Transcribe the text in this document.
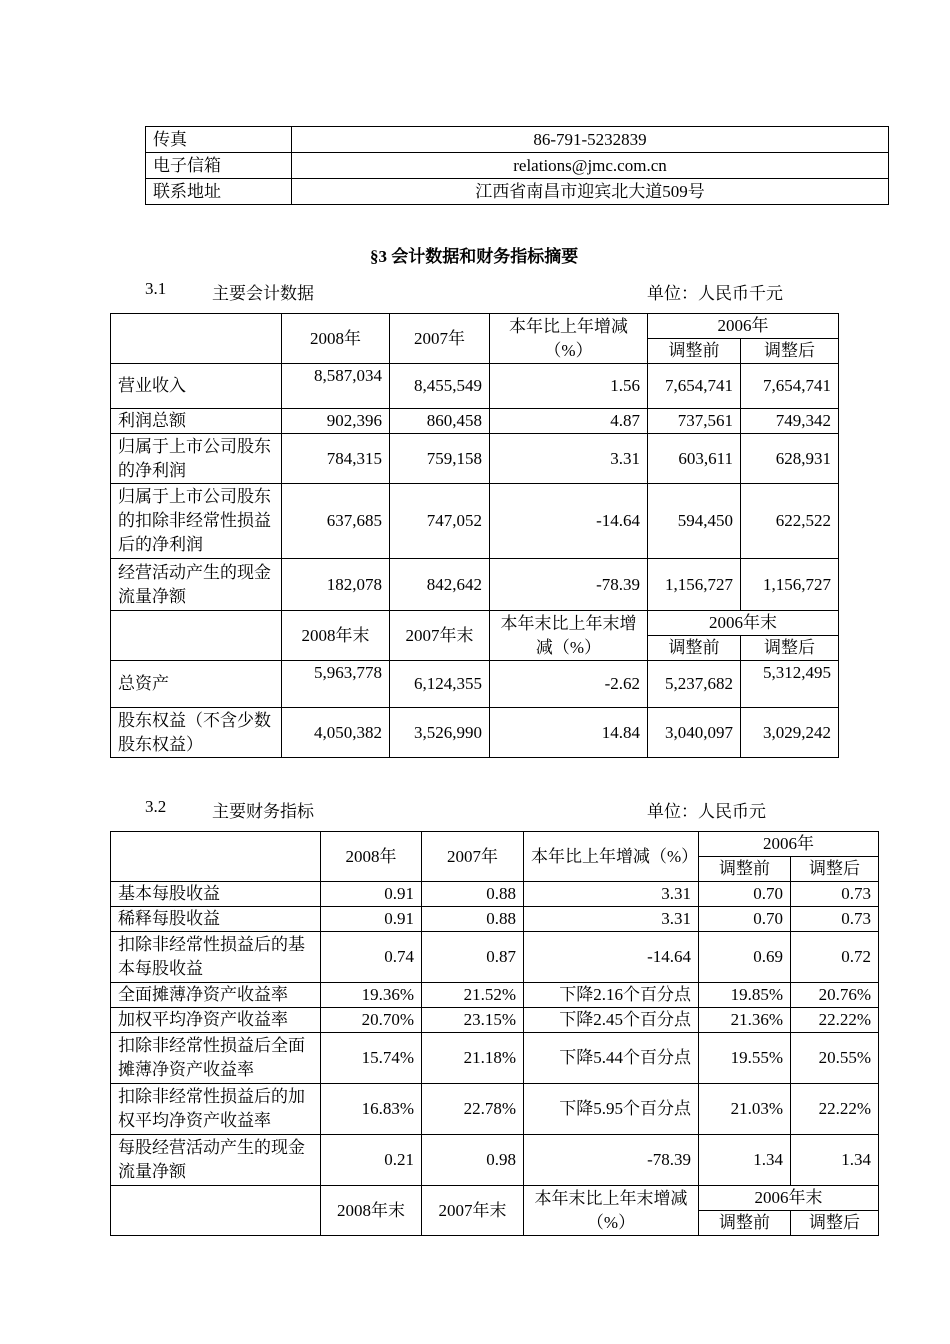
传真	86-791-5232839
电子信箱	relations@jmc.com.cn
联系地址	江西省南昌市迎宾北大道509号
§3 会计数据和财务指标摘要
3.1	主要会计数据	单位：人民币千元
	2008年	2007年	本年比上年增减（%）	2006年	
				调整前	调整后
营业收入	8,587,034	8,455,549	1.56	7,654,741	7,654,741
利润总额	902,396	860,458	4.87	737,561	749,342
归属于上市公司股东的净利润	784,315	759,158	3.31	603,611	628,931
归属于上市公司股东的扣除非经常性损益后的净利润	637,685	747,052	-14.64	594,450	622,522
经营活动产生的现金流量净额	182,078	842,642	-78.39	1,156,727	1,156,727
	2008年末	2007年末	本年末比上年末增减（%）	2006年末	
				调整前	调整后
总资产	5,963,778	6,124,355	-2.62	5,237,682	5,312,495
股东权益（不含少数股东权益）	4,050,382	3,526,990	14.84	3,040,097	3,029,242
3.2	主要财务指标	单位：人民币元
	2008年	2007年	本年比上年增减（%）	2006年	
				调整前	调整后
基本每股收益	0.91	0.88	3.31	0.70	0.73
稀释每股收益	0.91	0.88	3.31	0.70	0.73
扣除非经常性损益后的基本每股收益	0.74	0.87	-14.64	0.69	0.72
全面摊薄净资产收益率	19.36%	21.52%	下降2.16个百分点	19.85%	20.76%
加权平均净资产收益率	20.70%	23.15%	下降2.45个百分点	21.36%	22.22%
扣除非经常性损益后全面摊薄净资产收益率	15.74%	21.18%	下降5.44个百分点	19.55%	20.55%
扣除非经常性损益后的加权平均净资产收益率	16.83%	22.78%	下降5.95个百分点	21.03%	22.22%
每股经营活动产生的现金流量净额	0.21	0.98	-78.39	1.34	1.34
	2008年末	2007年末	本年末比上年末增减（%）	2006年末	
				调整前	调整后
